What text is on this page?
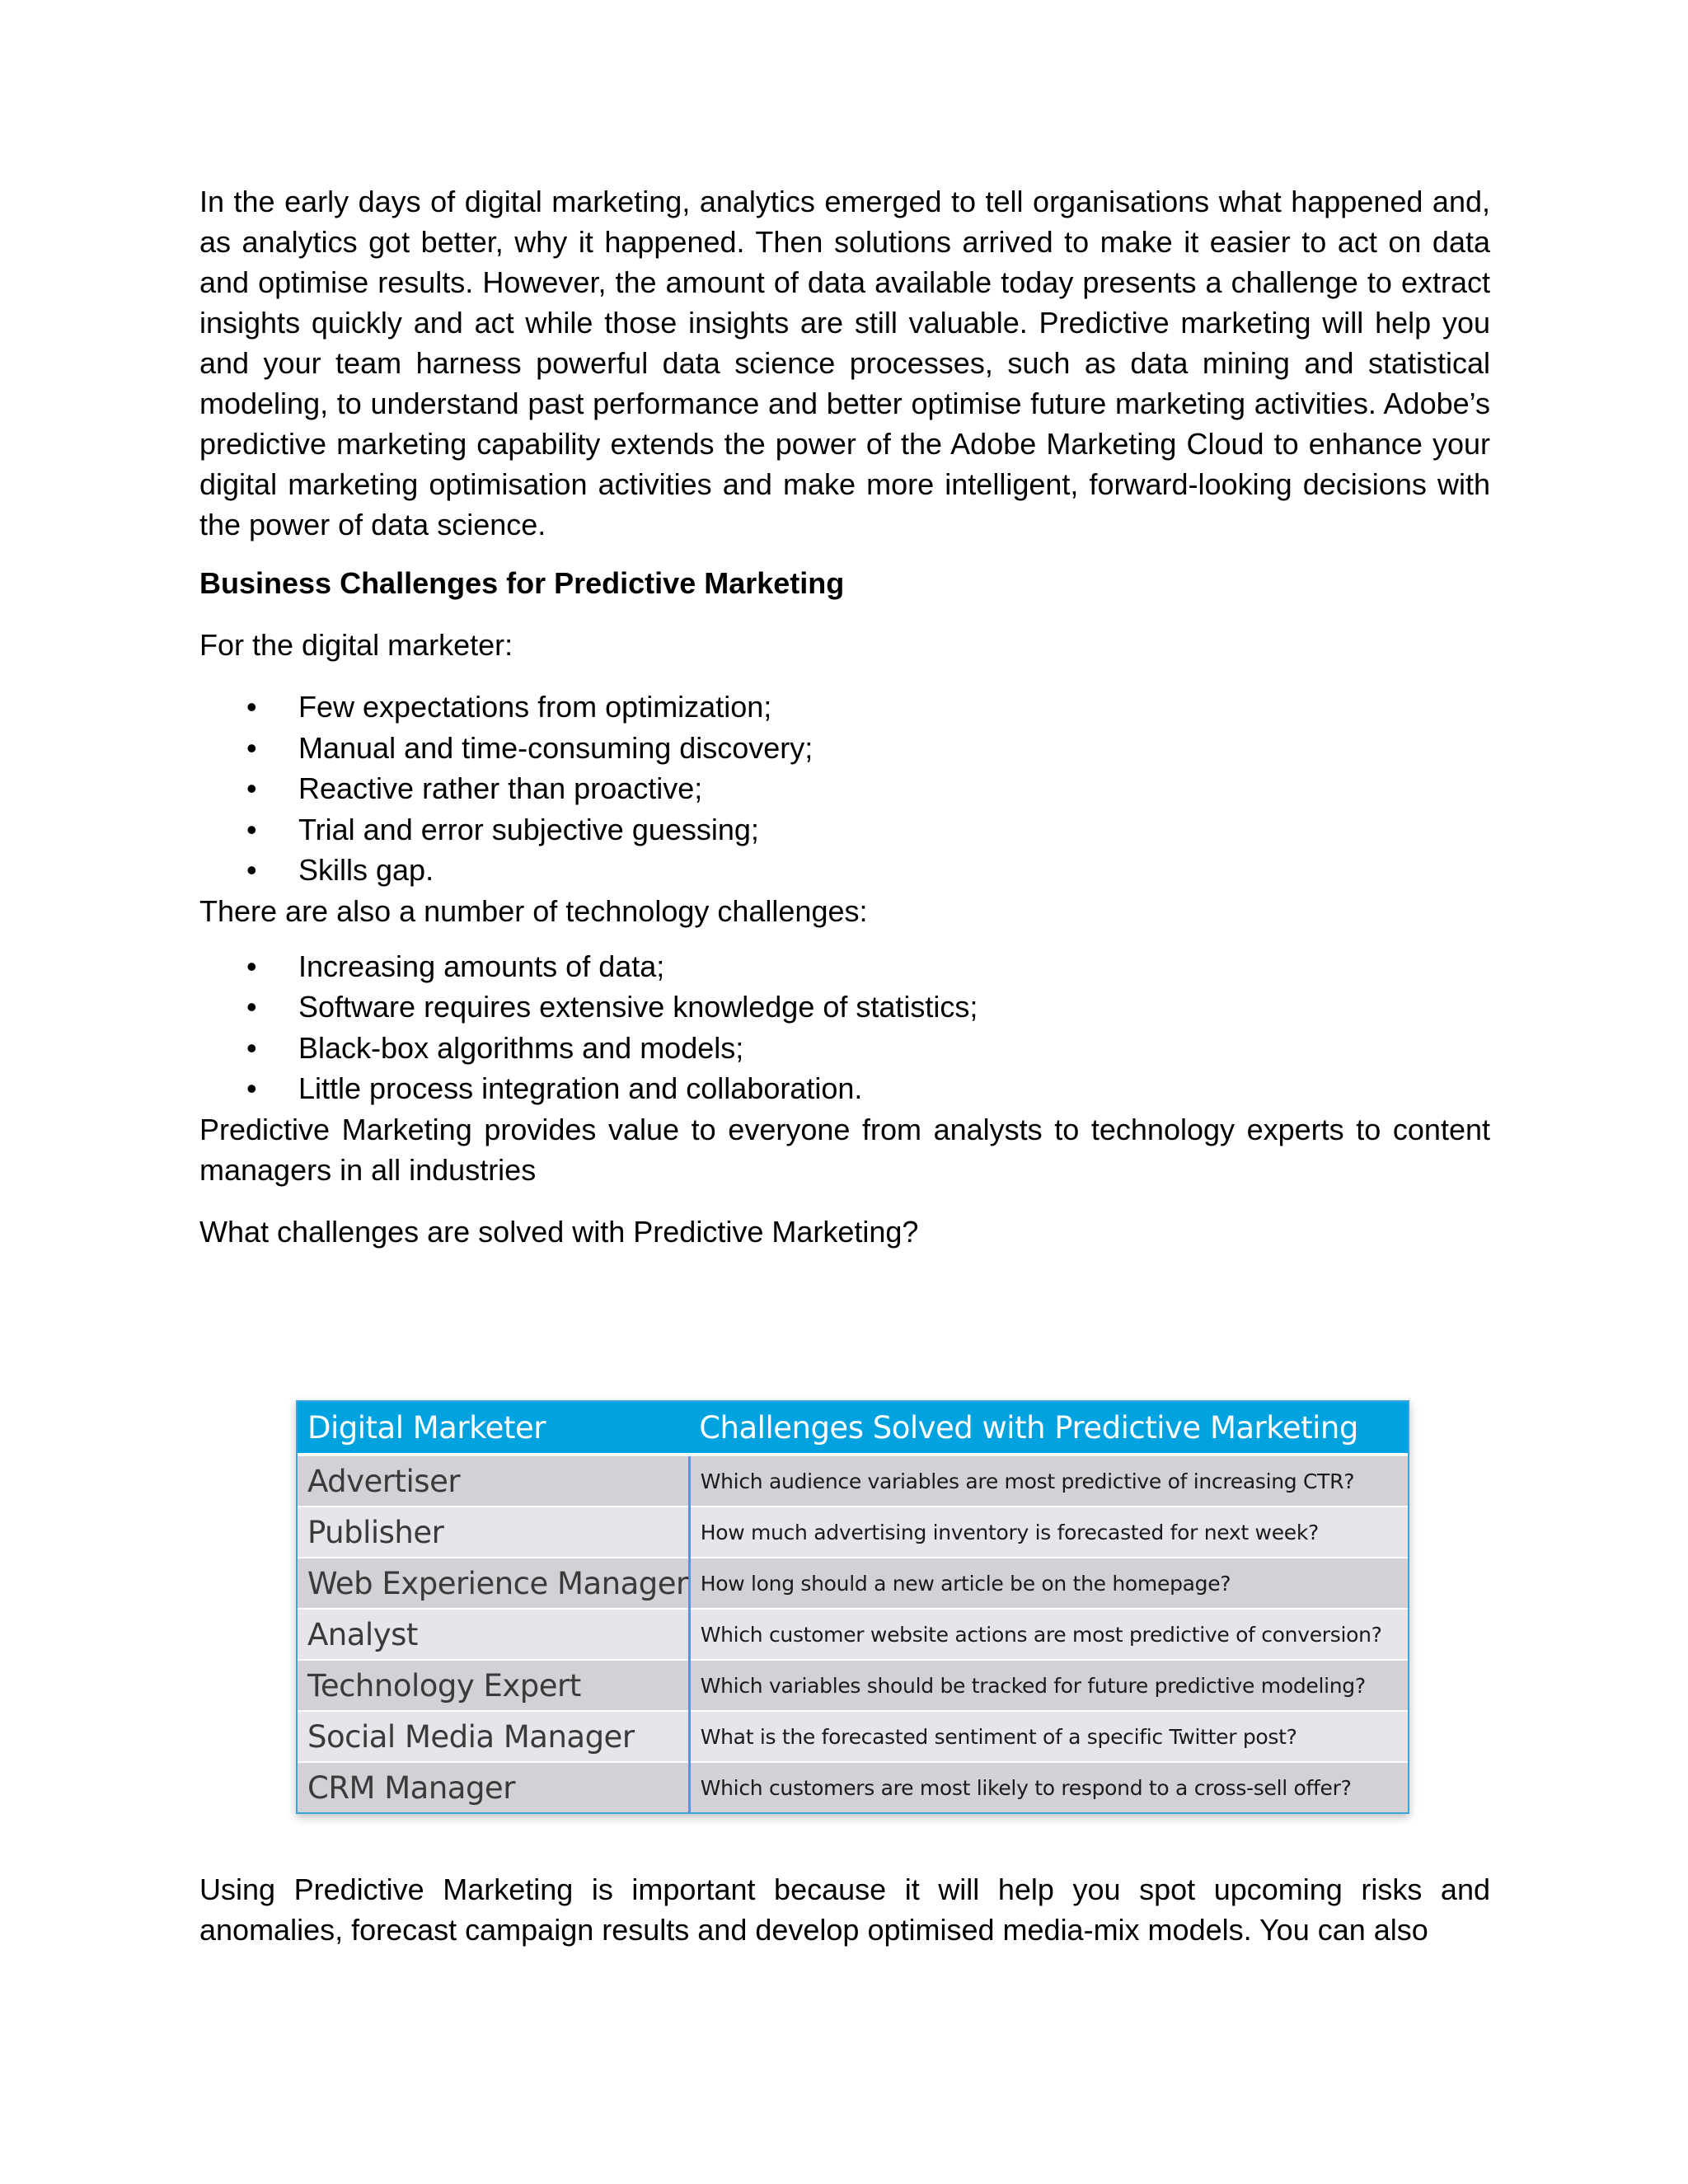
In the early days of digital marketing, analytics emerged to tell organisations what happened and, as analytics got better, why it happened. Then solutions arrived to make it easier to act on data and optimise results. However, the amount of data available today presents a challenge to extract insights quickly and act while those insights are still valuable. Predictive marketing will help you and your team harness powerful data science processes, such as data mining and statistical modeling, to understand past performance and better optimise future marketing activities. Adobe’s predictive marketing capability extends the power of the Adobe Marketing Cloud to enhance your digital marketing optimisation activities and make more intelligent, forward-looking decisions with the power of data science.

Business Challenges for Predictive Marketing

For the digital marketer:

• Few expectations from optimization;
• Manual and time-consuming discovery;
• Reactive rather than proactive;
• Trial and error subjective guessing;
• Skills gap.

There are also a number of technology challenges:

• Increasing amounts of data;
• Software requires extensive knowledge of statistics;
• Black-box algorithms and models;
• Little process integration and collaboration.

Predictive Marketing provides value to everyone from analysts to technology experts to content managers in all industries

What challenges are solved with Predictive Marketing?

Digital Marketer	Challenges Solved with Predictive Marketing
Advertiser	Which audience variables are most predictive of increasing CTR?
Publisher	How much advertising inventory is forecasted for next week?
Web Experience Manager	How long should a new article be on the homepage?
Analyst	Which customer website actions are most predictive of conversion?
Technology Expert	Which variables should be tracked for future predictive modeling?
Social Media Manager	What is the forecasted sentiment of a specific Twitter post?
CRM Manager	Which customers are most likely to respond to a cross-sell offer?

Using Predictive Marketing is important because it will help you spot upcoming risks and anomalies, forecast campaign results and develop optimised media-mix models. You can also
